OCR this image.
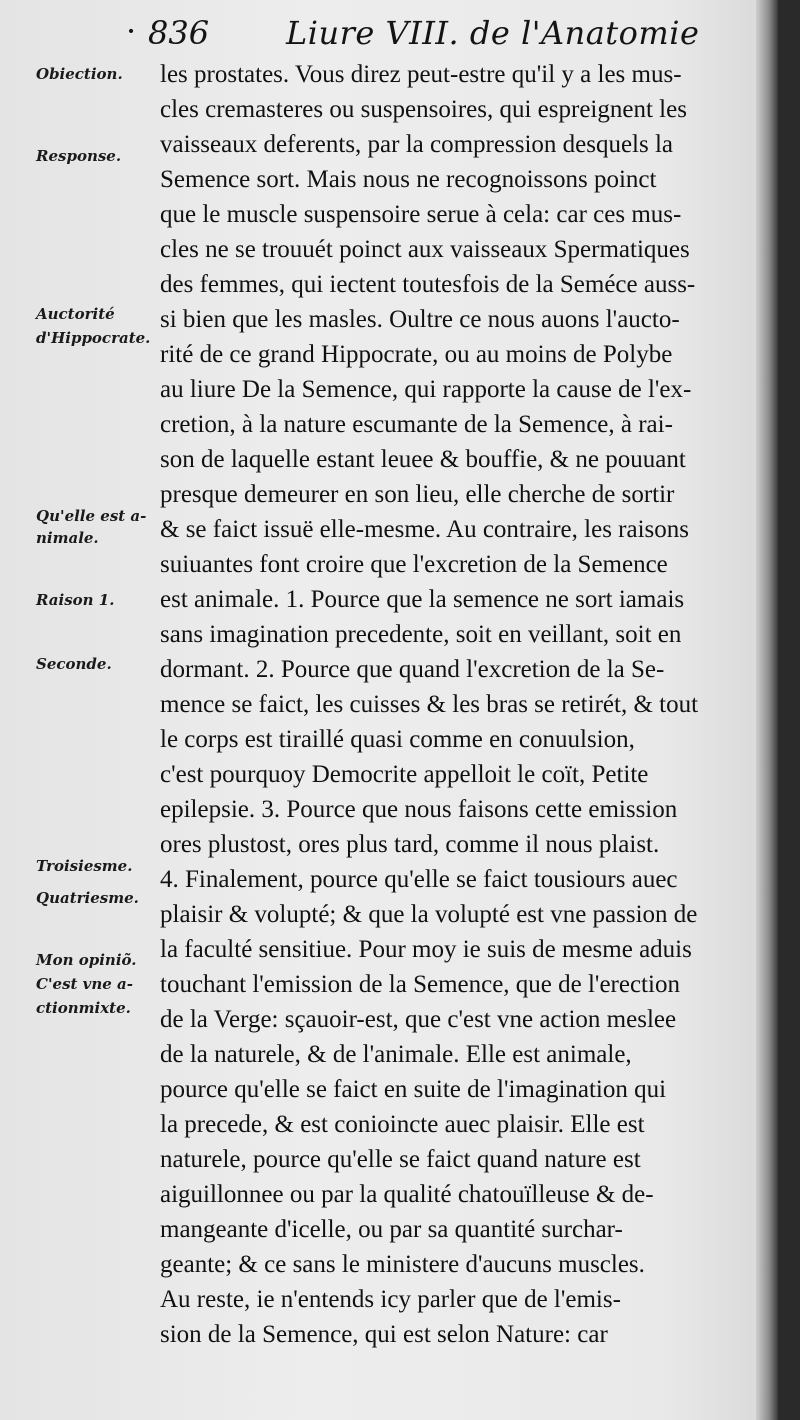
· 836 Liure VIII. de l'Anatomie
Obiection.
Response.
Auctorité
d'Hippocrate.
Qu'elle est a-
nimale.
Raison 1.
Seconde.
Troisiesme.
Quatriesme.
Mon opiniõ.
C'est vne a-
ctionmixte.
les prostates. Vous direz peut-estre qu'il y a les mus-
cles cremasteres ou suspensoires, qui espreignent les
vaisseaux deferents, par la compression desquels la
Semence sort. Mais nous ne recognoissons poinct
que le muscle suspensoire serue à cela: car ces mus-
cles ne se trouuét poinct aux vaisseaux Spermatiques
des femmes, qui iectent toutesfois de la Seméce auss-
si bien que les masles. Oultre ce nous auons l'aucto-
rité de ce grand Hippocrate, ou au moins de Polybe
au liure De la Semence, qui rapporte la cause de l'ex-
cretion, à la nature escumante de la Semence, à rai-
son de laquelle estant leuee & bouffie, & ne pouuant
presque demeurer en son lieu, elle cherche de sortir
& se faict issuë elle-mesme. Au contraire, les raisons
suiuantes font croire que l'excretion de la Semence
est animale. 1. Pource que la semence ne sort iamais
sans imagination precedente, soit en veillant, soit en
dormant. 2. Pource que quand l'excretion de la Se-
mence se faict, les cuisses & les bras se retirét, & tout
le corps est tiraillé quasi comme en conuulsion,
c'est pourquoy Democrite appelloit le coït, Petite
epilepsie. 3. Pource que nous faisons cette emission
ores plustost, ores plus tard, comme il nous plaist.
4. Finalement, pource qu'elle se faict tousiours auec
plaisir & volupté; & que la volupté est vne passion de
la faculté sensitiue. Pour moy ie suis de mesme aduis
touchant l'emission de la Semence, que de l'erection
de la Verge: sçauoir-est, que c'est vne action meslee
de la naturele, & de l'animale. Elle est animale,
pource qu'elle se faict en suite de l'imagination qui
la precede, & est conioincte auec plaisir. Elle est
naturele, pource qu'elle se faict quand nature est
aiguillonnee ou par la qualité chatouïlleuse & de-
mangeante d'icelle, ou par sa quantité surchar-
geante; & ce sans le ministere d'aucuns muscles.
Au reste, ie n'entends icy parler que de l'emis-
sion de la Semence, qui est selon Nature: car
